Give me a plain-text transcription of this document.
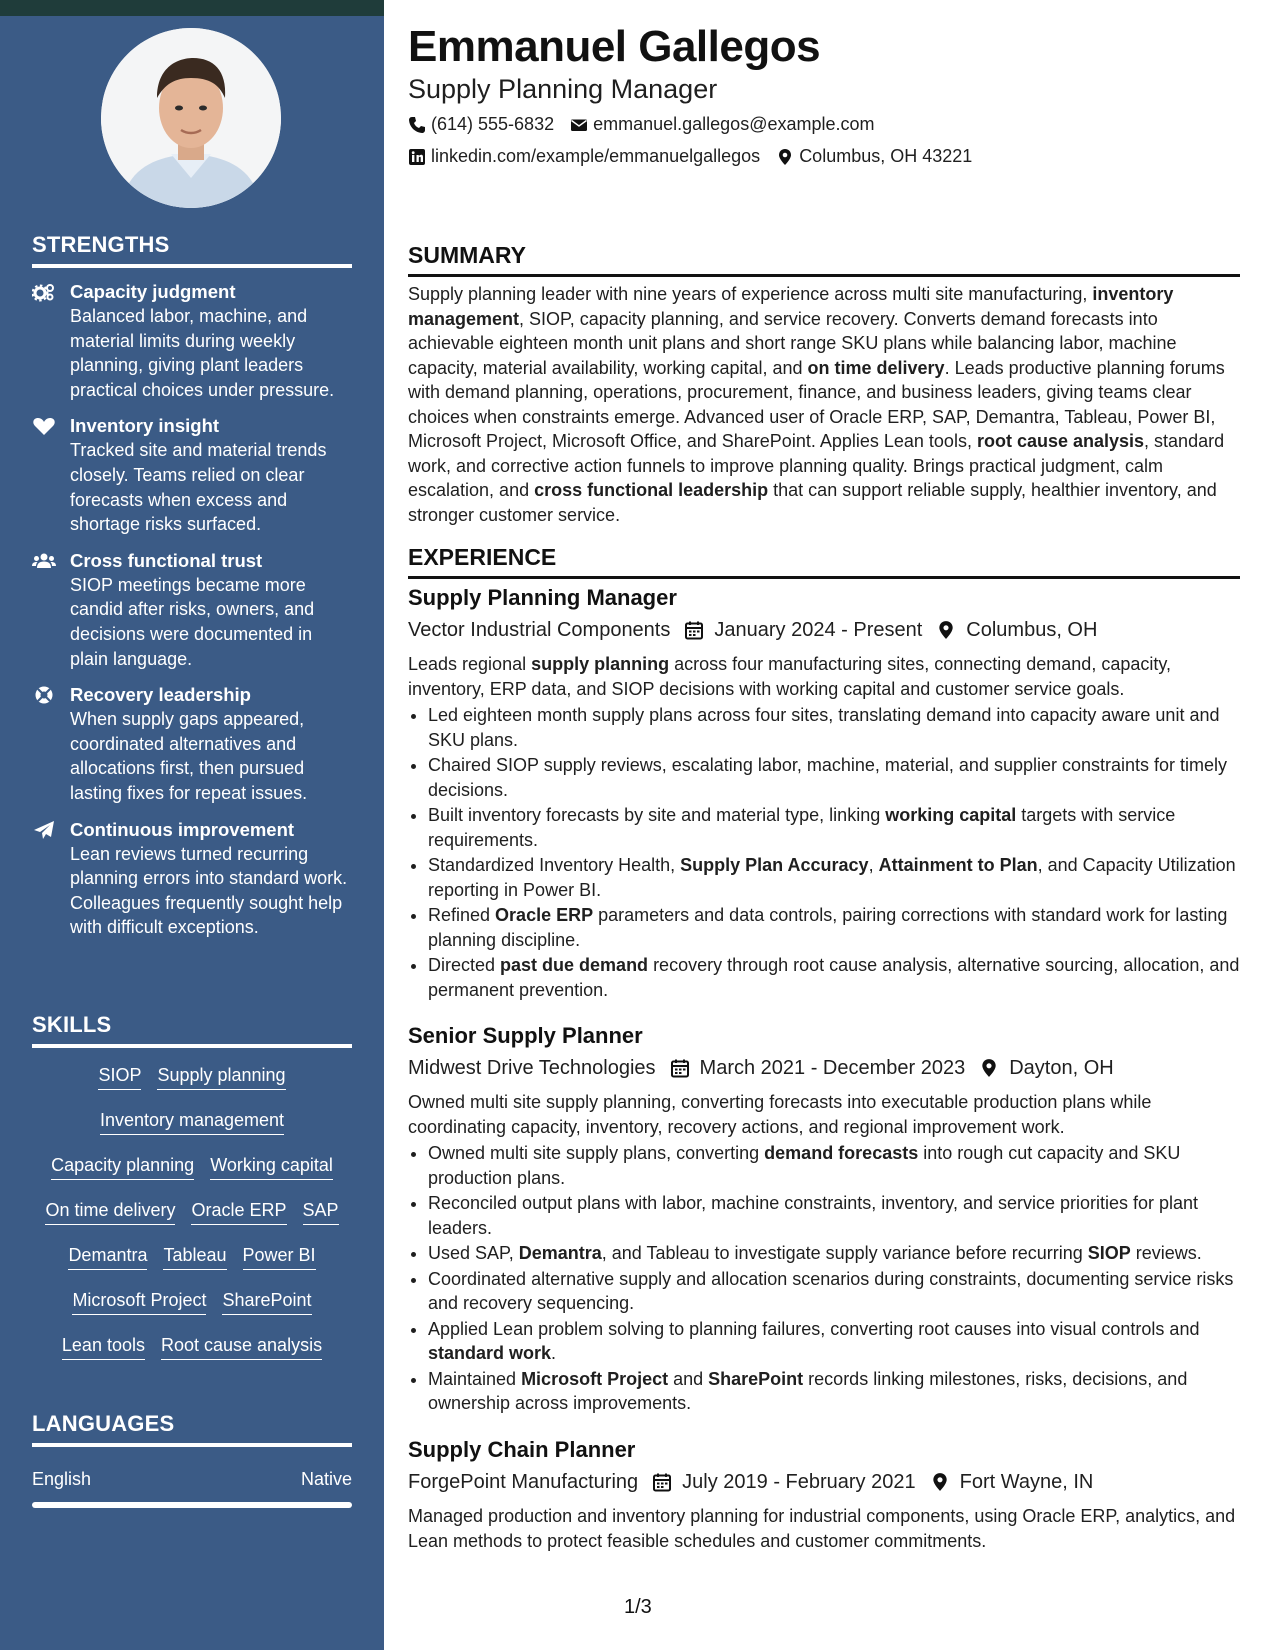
STRENGTHS
Capacity judgment
Balanced labor, machine, and material limits during weekly planning, giving plant leaders practical choices under pressure.
Inventory insight
Tracked site and material trends closely. Teams relied on clear forecasts when excess and shortage risks surfaced.
Cross functional trust
SIOP meetings became more candid after risks, owners, and decisions were documented in plain language.
Recovery leadership
When supply gaps appeared, coordinated alternatives and allocations first, then pursued lasting fixes for repeat issues.
Continuous improvement
Lean reviews turned recurring planning errors into standard work. Colleagues frequently sought help with difficult exceptions.
SKILLS
SIOP Supply planning
Inventory management
Capacity planning Working capital
On time delivery Oracle ERP SAP
Demantra Tableau Power BI
Microsoft Project SharePoint
Lean tools Root cause analysis
LANGUAGES
English	Native
Emmanuel Gallegos
Supply Planning Manager
(614) 555-6832 emmanuel.gallegos@example.com
linkedin.com/example/emmanuelgallegos Columbus, OH 43221
SUMMARY

Supply planning leader with nine years of experience across multi site manufacturing, inventory management, SIOP, capacity planning, and service recovery. Converts demand forecasts into achievable eighteen month unit plans and short range SKU plans while balancing labor, machine capacity, material availability, working capital, and on time delivery. Leads productive planning forums with demand planning, operations, procurement, finance, and business leaders, giving teams clear choices when constraints emerge. Advanced user of Oracle ERP, SAP, Demantra, Tableau, Power BI, Microsoft Project, Microsoft Office, and SharePoint. Applies Lean tools, root cause analysis, standard work, and corrective action funnels to improve planning quality. Brings practical judgment, calm escalation, and cross functional leadership that can support reliable supply, healthier inventory, and stronger customer service.

EXPERIENCE
Supply Planning Manager
Vector Industrial Components January 2024 - Present Columbus, OH
Leads regional supply planning across four manufacturing sites, connecting demand, capacity, inventory, ERP data, and SIOP decisions with working capital and customer service goals.
• Led eighteen month supply plans across four sites, translating demand into capacity aware unit and SKU plans.
• Chaired SIOP supply reviews, escalating labor, machine, material, and supplier constraints for timely decisions.
• Built inventory forecasts by site and material type, linking working capital targets with service requirements.
• Standardized Inventory Health, Supply Plan Accuracy, Attainment to Plan, and Capacity Utilization reporting in Power BI.
• Refined Oracle ERP parameters and data controls, pairing corrections with standard work for lasting planning discipline.
• Directed past due demand recovery through root cause analysis, alternative sourcing, allocation, and permanent prevention.
Senior Supply Planner
Midwest Drive Technologies March 2021 - December 2023 Dayton, OH
Owned multi site supply planning, converting forecasts into executable production plans while coordinating capacity, inventory, recovery actions, and regional improvement work.
• Owned multi site supply plans, converting demand forecasts into rough cut capacity and SKU production plans.
• Reconciled output plans with labor, machine constraints, inventory, and service priorities for plant leaders.
• Used SAP, Demantra, and Tableau to investigate supply variance before recurring SIOP reviews.
• Coordinated alternative supply and allocation scenarios during constraints, documenting service risks and recovery sequencing.
• Applied Lean problem solving to planning failures, converting root causes into visual controls and standard work.
• Maintained Microsoft Project and SharePoint records linking milestones, risks, decisions, and ownership across improvements.
Supply Chain Planner
ForgePoint Manufacturing July 2019 - February 2021 Fort Wayne, IN
Managed production and inventory planning for industrial components, using Oracle ERP, analytics, and Lean methods to protect feasible schedules and customer commitments.
1/3
